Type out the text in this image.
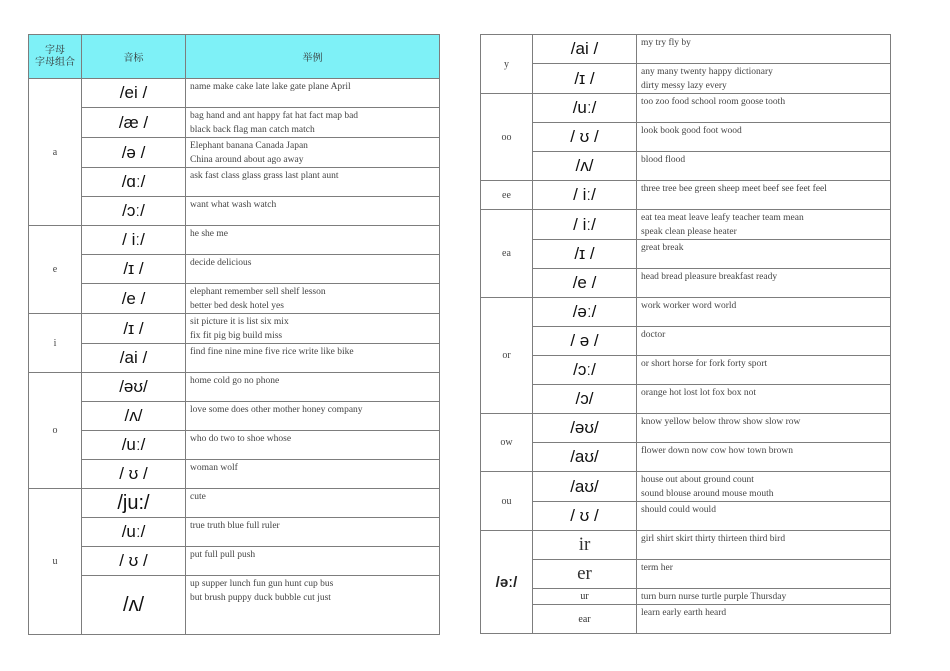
字母
字母组合	音标	举例
a	/ei /	name make cake late lake gate plane April

	/æ /	bag hand and ant happy fat hat fact map bad
black back flag man catch match

	/ə /	Elephant banana Canada Japan
China around about ago away

	/ɑː/	ask fast class glass grass last plant aunt

	/ɔː/	want what wash watch

e	/ iː/	he she me

	/ɪ /	decide delicious

	/e /	elephant remember sell shelf lesson
better bed desk hotel yes

i	/ɪ /	sit picture it is list six mix
fix fit pig big build miss

	/ai /	find fine nine mine five rice write like bike

o	/əʊ/	home cold go no phone

	/ʌ/	love some does other mother honey company

	/uː/	who do two to shoe whose

	/ ʊ /	woman wolf

u	/ju:/	cute

	/uː/	true truth blue full ruler

	/ ʊ /	put full pull push

	/ʌ/	up supper lunch fun gun hunt cup bus
but brush puppy duck bubble cut just
y	/ai /	my try fly by

	/ɪ /	any many twenty happy dictionary
dirty messy lazy every

oo	/uː/	too zoo food school room goose tooth

	/ ʊ /	look book good foot wood

	/ʌ/	blood flood

ee	/ iː/	three tree bee green sheep meet beef see feet feel

ea	/ iː/	eat tea meat leave leafy teacher team mean
speak clean please heater

	/ɪ /	great break

	/e /	head bread pleasure breakfast ready

or	/əː/	work worker word world

	/ ə /	doctor

	/ɔː/	or short horse for fork forty sport

	/ɔ/	orange hot lost lot fox box not

ow	/əʊ/	know yellow below throw show slow row

	/aʊ/	flower down now cow how town brown

ou	/aʊ/	house out about ground count
sound blouse around mouse mouth

	/ ʊ /	should could would

/əː/	ir	girl shirt skirt thirty thirteen third bird

	er	term her

	ur	turn burn nurse turtle purple Thursday

	ear	learn early earth heard
